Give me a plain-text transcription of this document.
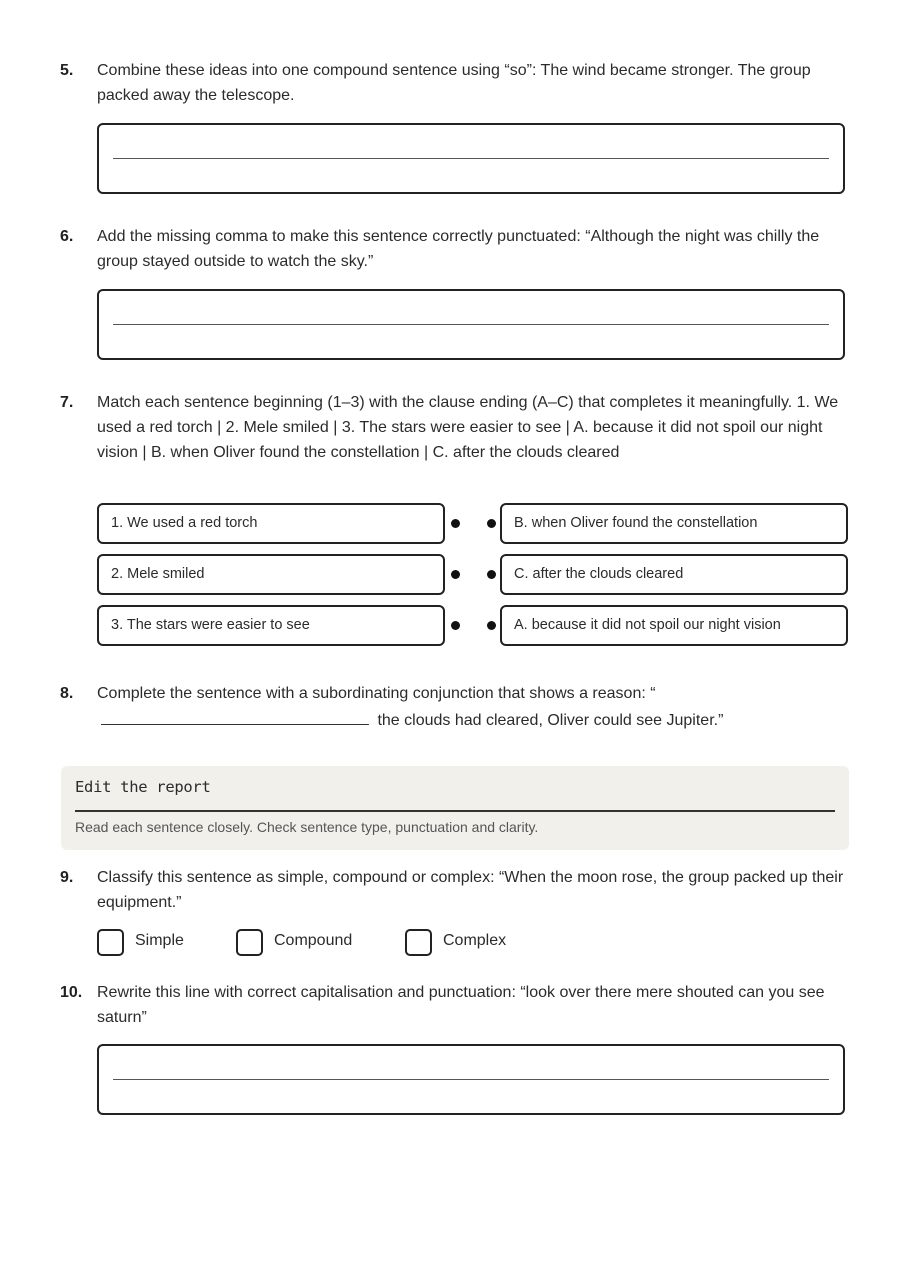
5. Combine these ideas into one compound sentence using “so”: The wind became stronger. The group packed away the telescope.
6. Add the missing comma to make this sentence correctly punctuated: “Although the night was chilly the group stayed outside to watch the sky.”
7. Match each sentence beginning (1–3) with the clause ending (A–C) that completes it meaningfully. 1. We used a red torch | 2. Mele smiled | 3. The stars were easier to see | A. because it did not spoil our night vision | B. when Oliver found the constellation | C. after the clouds cleared
1. We used a red torch	B. when Oliver found the constellation
2. Mele smiled	C. after the clouds cleared
3. The stars were easier to see	A. because it did not spoil our night vision
8. Complete the sentence with a subordinating conjunction that shows a reason: “
the clouds had cleared, Oliver could see Jupiter.”
Edit the report
Read each sentence closely. Check sentence type, punctuation and clarity.
9. Classify this sentence as simple, compound or complex: “When the moon rose, the group packed up their equipment.”
Simple	Compound	Complex
10. Rewrite this line with correct capitalisation and punctuation: “look over there mere shouted can you see saturn”
